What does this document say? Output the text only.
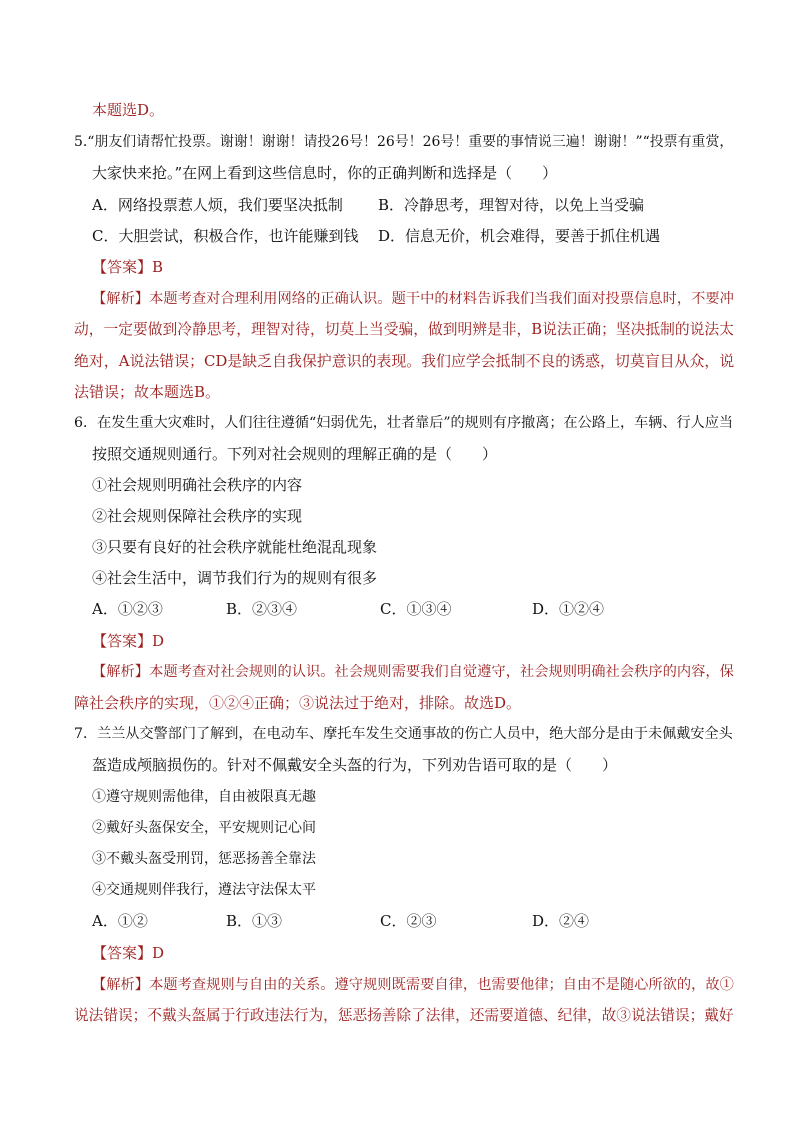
本题选D。
5.“朋友们请帮忙投票。谢谢！谢谢！请投26号！26号！26号！重要的事情说三遍！谢谢！”“投票有重赏，
大家快来抢。”在网上看到这些信息时，你的正确判断和选择是（　　）
A．网络投票惹人烦，我们要坚决抵制 B．冷静思考，理智对待，以免上当受骗
C．大胆尝试，积极合作，也许能赚到钱 D．信息无价，机会难得，要善于抓住机遇
【答案】B
【解析】本题考查对合理利用网络的正确认识。题干中的材料告诉我们当我们面对投票信息时，不要冲
动，一定要做到冷静思考，理智对待，切莫上当受骗，做到明辨是非，B说法正确；坚决抵制的说法太
绝对，A说法错误；CD是缺乏自我保护意识的表现。我们应学会抵制不良的诱惑，切莫盲目从众，说
法错误；故本题选B。
6．在发生重大灾难时，人们往往遵循“妇弱优先，壮者靠后”的规则有序撤离；在公路上，车辆、行人应当
按照交通规则通行。下列对社会规则的理解正确的是（　　）
①社会规则明确社会秩序的内容
②社会规则保障社会秩序的实现
③只要有良好的社会秩序就能杜绝混乱现象
④社会生活中，调节我们行为的规则有很多
A．①②③	B．②③④	C．①③④	D．①②④
【答案】D
【解析】本题考查对社会规则的认识。社会规则需要我们自觉遵守，社会规则明确社会秩序的内容，保
障社会秩序的实现，①②④正确；③说法过于绝对，排除。故选D。
7．兰兰从交警部门了解到，在电动车、摩托车发生交通事故的伤亡人员中，绝大部分是由于未佩戴安全头
盔造成颅脑损伤的。针对不佩戴安全头盔的行为，下列劝告语可取的是（　　）
①遵守规则需他律，自由被限真无趣
②戴好头盔保安全，平安规则记心间
③不戴头盔受刑罚，惩恶扬善全靠法
④交通规则伴我行，遵法守法保太平
A．①②	B．①③	C．②③	D．②④
【答案】D
【解析】本题考查规则与自由的关系。遵守规则既需要自律，也需要他律；自由不是随心所欲的，故①
说法错误；不戴头盔属于行政违法行为，惩恶扬善除了法律，还需要道德、纪律，故③说法错误；戴好
